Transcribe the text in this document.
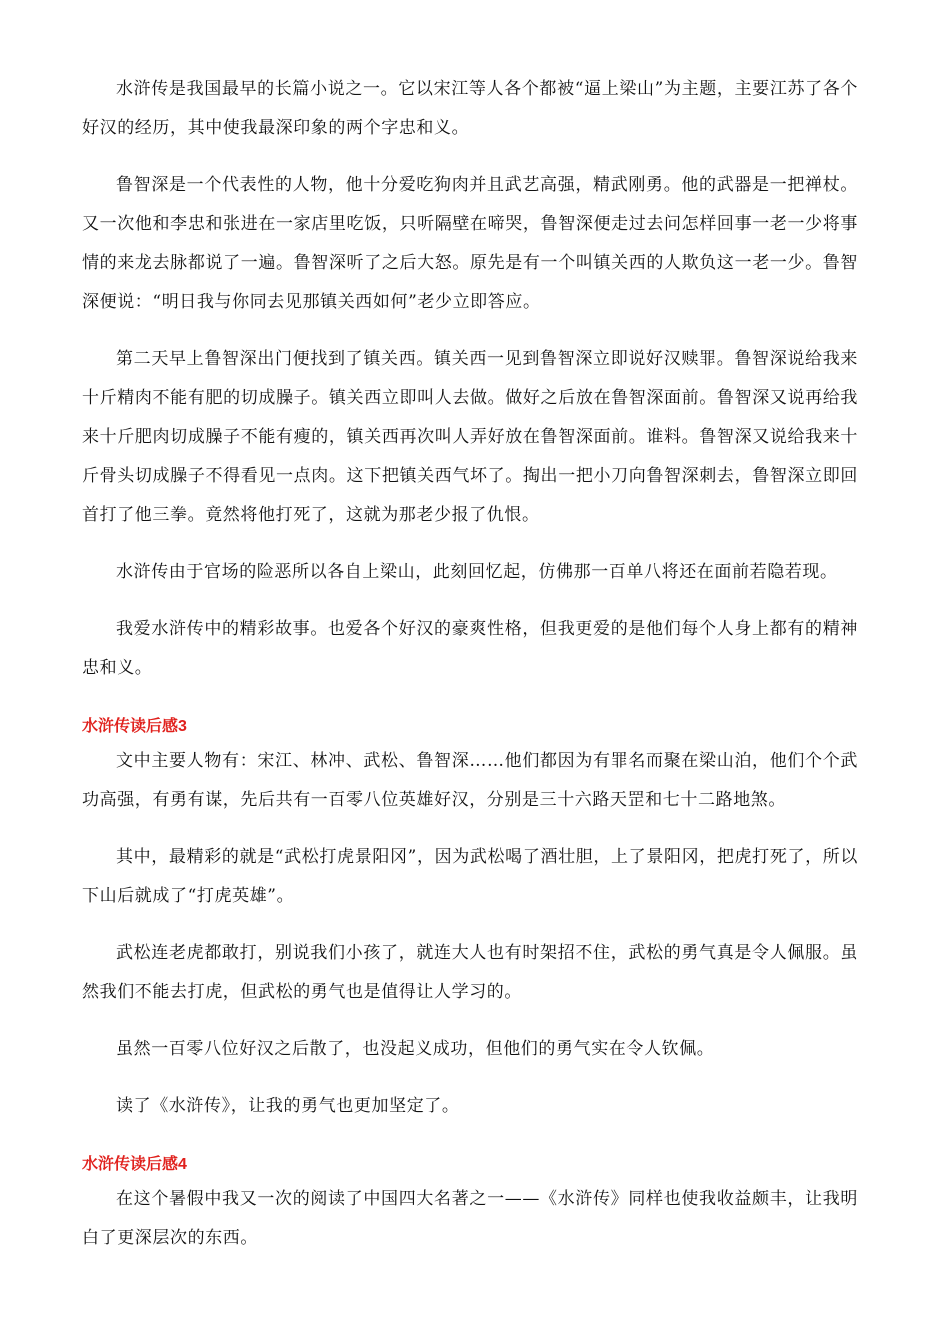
水浒传是我国最早的长篇小说之一。它以宋江等人各个都被“逼上梁山”为主题，主要江苏了各个好汉的经历，其中使我最深印象的两个字忠和义。

鲁智深是一个代表性的人物，他十分爱吃狗肉并且武艺高强，精武刚勇。他的武器是一把禅杖。又一次他和李忠和张进在一家店里吃饭，只听隔壁在啼哭，鲁智深便走过去问怎样回事一老一少将事情的来龙去脉都说了一遍。鲁智深听了之后大怒。原先是有一个叫镇关西的人欺负这一老一少。鲁智深便说：“明日我与你同去见那镇关西如何”老少立即答应。

第二天早上鲁智深出门便找到了镇关西。镇关西一见到鲁智深立即说好汉赎罪。鲁智深说给我来十斤精肉不能有肥的切成臊子。镇关西立即叫人去做。做好之后放在鲁智深面前。鲁智深又说再给我来十斤肥肉切成臊子不能有瘦的，镇关西再次叫人弄好放在鲁智深面前。谁料。鲁智深又说给我来十斤骨头切成臊子不得看见一点肉。这下把镇关西气坏了。掏出一把小刀向鲁智深刺去，鲁智深立即回首打了他三拳。竟然将他打死了，这就为那老少报了仇恨。

水浒传由于官场的险恶所以各自上梁山，此刻回忆起，仿佛那一百单八将还在面前若隐若现。

我爱水浒传中的精彩故事。也爱各个好汉的豪爽性格，但我更爱的是他们每个人身上都有的精神忠和义。

水浒传读后感3

文中主要人物有：宋江、林冲、武松、鲁智深……他们都因为有罪名而聚在梁山泊，他们个个武功高强，有勇有谋，先后共有一百零八位英雄好汉，分别是三十六路天罡和七十二路地煞。

其中，最精彩的就是“武松打虎景阳冈”，因为武松喝了酒壮胆，上了景阳冈，把虎打死了，所以下山后就成了“打虎英雄”。

武松连老虎都敢打，别说我们小孩了，就连大人也有时架招不住，武松的勇气真是令人佩服。虽然我们不能去打虎，但武松的勇气也是值得让人学习的。

虽然一百零八位好汉之后散了，也没起义成功，但他们的勇气实在令人钦佩。

读了《水浒传》，让我的勇气也更加坚定了。

水浒传读后感4

在这个暑假中我又一次的阅读了中国四大名著之一——《水浒传》同样也使我收益颇丰，让我明白了更深层次的东西。
